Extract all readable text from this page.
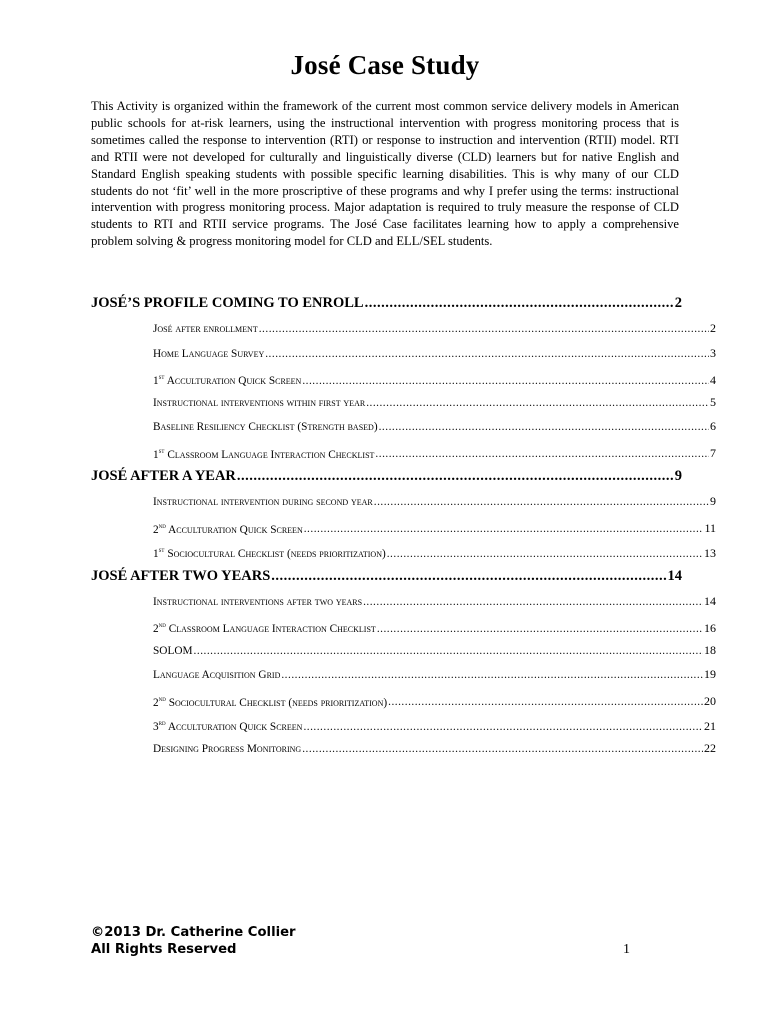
José Case Study
This Activity is organized within the framework of the current most common service delivery models in American public schools for at-risk learners, using the instructional intervention with progress monitoring process that is sometimes called the response to intervention (RTI) or response to instruction and intervention (RTII) model. RTI and RTII were not developed for culturally and linguistically diverse (CLD) learners but for native English and Standard English speaking students with possible specific learning disabilities. This is why many of our CLD students do not ‘fit’ well in the more proscriptive of these programs and why I prefer using the terms: instructional intervention with progress monitoring process. Major adaptation is required to truly measure the response of CLD students to RTI and RTII service programs. The José Case facilitates learning how to apply a comprehensive problem solving & progress monitoring model for CLD and ELL/SEL students.
JOSÉ’S PROFILE COMING TO ENROLL .....	2
José after enrollment .....	2
Home Language Survey .....	3
1st Acculturation Quick Screen .....	4
Instructional interventions within first year .....	5
Baseline Resiliency Checklist (Strength based) .....	6
1st Classroom Language Interaction Checklist .....	7
JOSÉ AFTER A YEAR .....	9
Instructional intervention during second year .....	9
2nd Acculturation Quick Screen .....	11
1st Sociocultural Checklist (needs prioritization) .....	13
JOSÉ AFTER TWO YEARS .....	14
Instructional interventions after two years .....	14
2nd Classroom Language Interaction Checklist .....	16
SOLOM .....	18
Language Acquisition Grid .....	19
2nd Sociocultural Checklist (needs prioritization) .....	20
3rd Acculturation Quick Screen .....	21
Designing Progress Monitoring .....	22
©2013 Dr. Catherine Collier
All Rights Reserved	1
